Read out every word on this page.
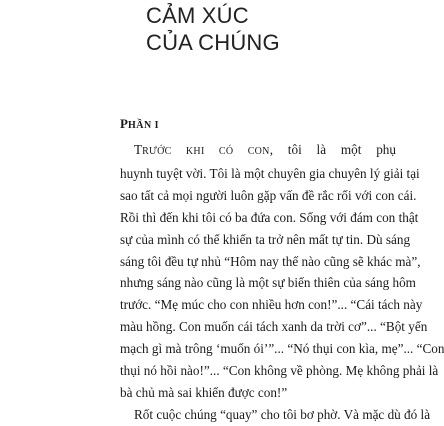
CẢM XÚC
CỦA CHÚNG
PHẦN I
TRƯỚC KHI CÓ CON, tôi là một phụ
huynh tuyệt vời. Tôi là một chuyên gia chuyên lý giải tại
sao tất cả mọi người luôn gặp vấn đề rắc rối với con cái.
Rồi thì đến khi tôi có ba đứa con. Sống với đám con thật
sự của mình có thể khiến ta trở nên mất tự tin. Dù sáng
sáng tôi đều tự nhủ “Hôm nay thế nào cũng sẽ khác mà”,
nhưng sáng nào cũng là một sự biến thiên của sáng hôm
trước. “Mẹ múc cho con nhiều hơn con!”... “Cái tách này
màu hồng. Con muốn cái tách xanh da trời cơ”... “Bột yến
mạch gì mà trông ‘muốn ói’”... “Nó thụi con kìa, mẹ”... “Con
thụi nó hồi nào!”... “Con không về phòng. Mẹ không phải là
bà chủ mà sai khiến được con!”
Rốt cuộc chúng “quay” cho tôi bơ phờ. Và mặc dù đó là
